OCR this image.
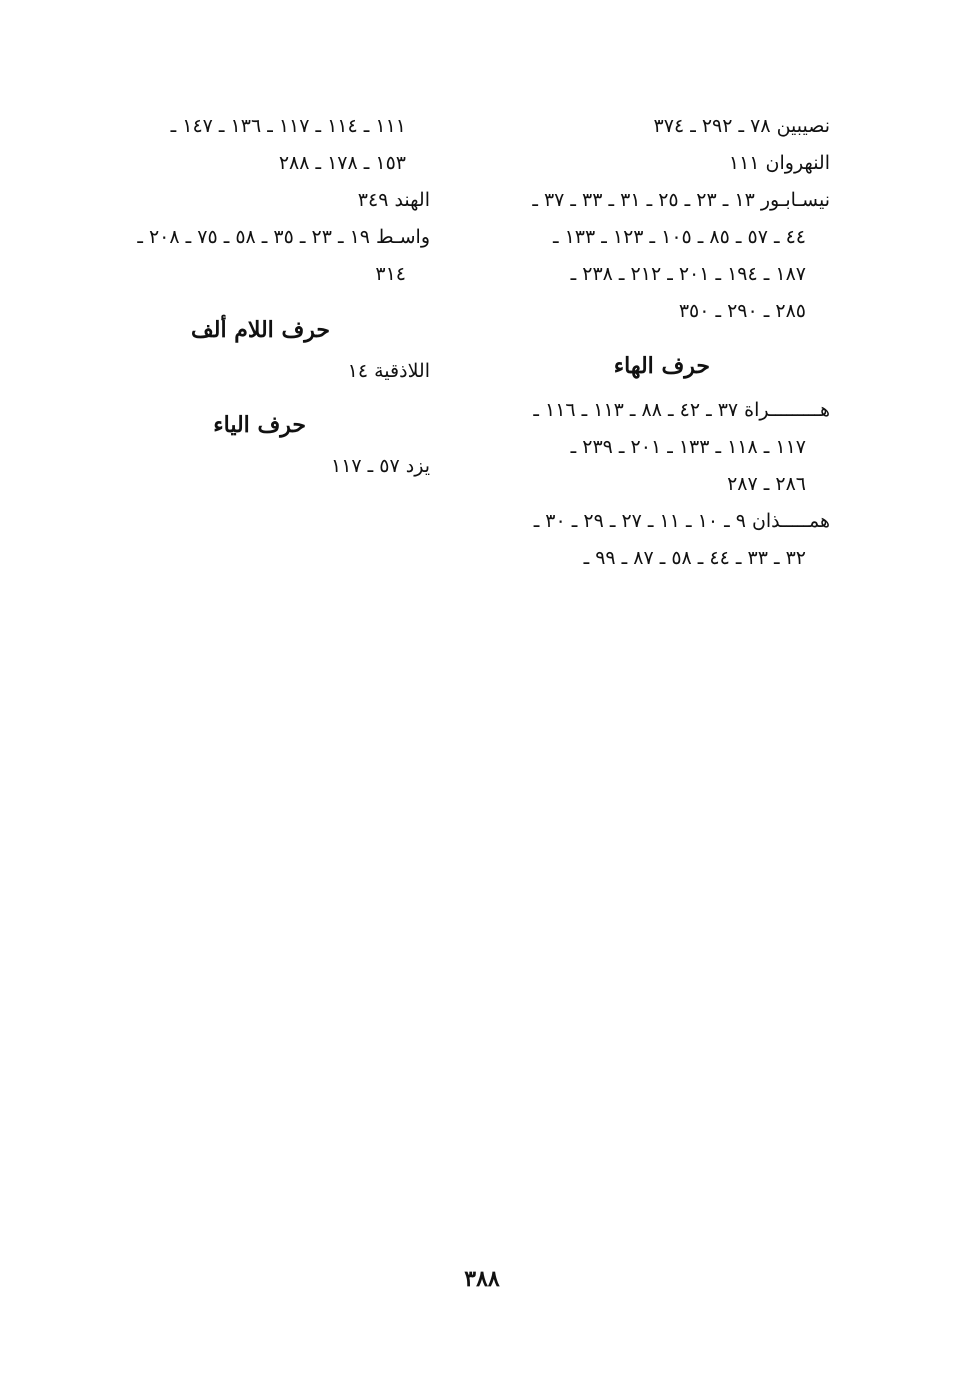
نصيبين ٧٨ ـ ٢٩٢ ـ ٣٧٤
النهروان ١١١
نيسـابـور ١٣ ـ ٢٣ ـ ٢٥ ـ ٣١ ـ ٣٣ ـ ٣٧ ـ
٤٤ ـ ٥٧ ـ ٨٥ ـ ١٠٥ ـ ١٢٣ ـ ١٣٣ ـ
١٨٧ ـ ١٩٤ ـ ٢٠١ ـ ٢١٢ ـ ٢٣٨ ـ
٢٨٥ ـ ٢٩٠ ـ ٣٥٠
حرف الهاء
هـــــــــراة ٣٧ ـ ٤٢ ـ ٨٨ ـ ١١٣ ـ ١١٦ ـ
١١٧ ـ ١١٨ ـ ١٣٣ ـ ٢٠١ ـ ٢٣٩ ـ
٢٨٦ ـ ٢٨٧
همـــــذان ٩ ـ ١٠ ـ ١١ ـ ٢٧ ـ ٢٩ ـ ٣٠ ـ
٣٢ ـ ٣٣ ـ ٤٤ ـ ٥٨ ـ ٨٧ ـ ٩٩ ـ
١١١ ـ ١١٤ ـ ١١٧ ـ ١٣٦ ـ ١٤٧ ـ
١٥٣ ـ ١٧٨ ـ ٢٨٨
الهند ٣٤٩
واسـط ١٩ ـ ٢٣ ـ ٣٥ ـ ٥٨ ـ ٧٥ ـ ٢٠٨ ـ
٣١٤
حرف اللام ألف
اللاذقية ١٤
حرف الياء
يزد ٥٧ ـ ١١٧
٣٨٨
